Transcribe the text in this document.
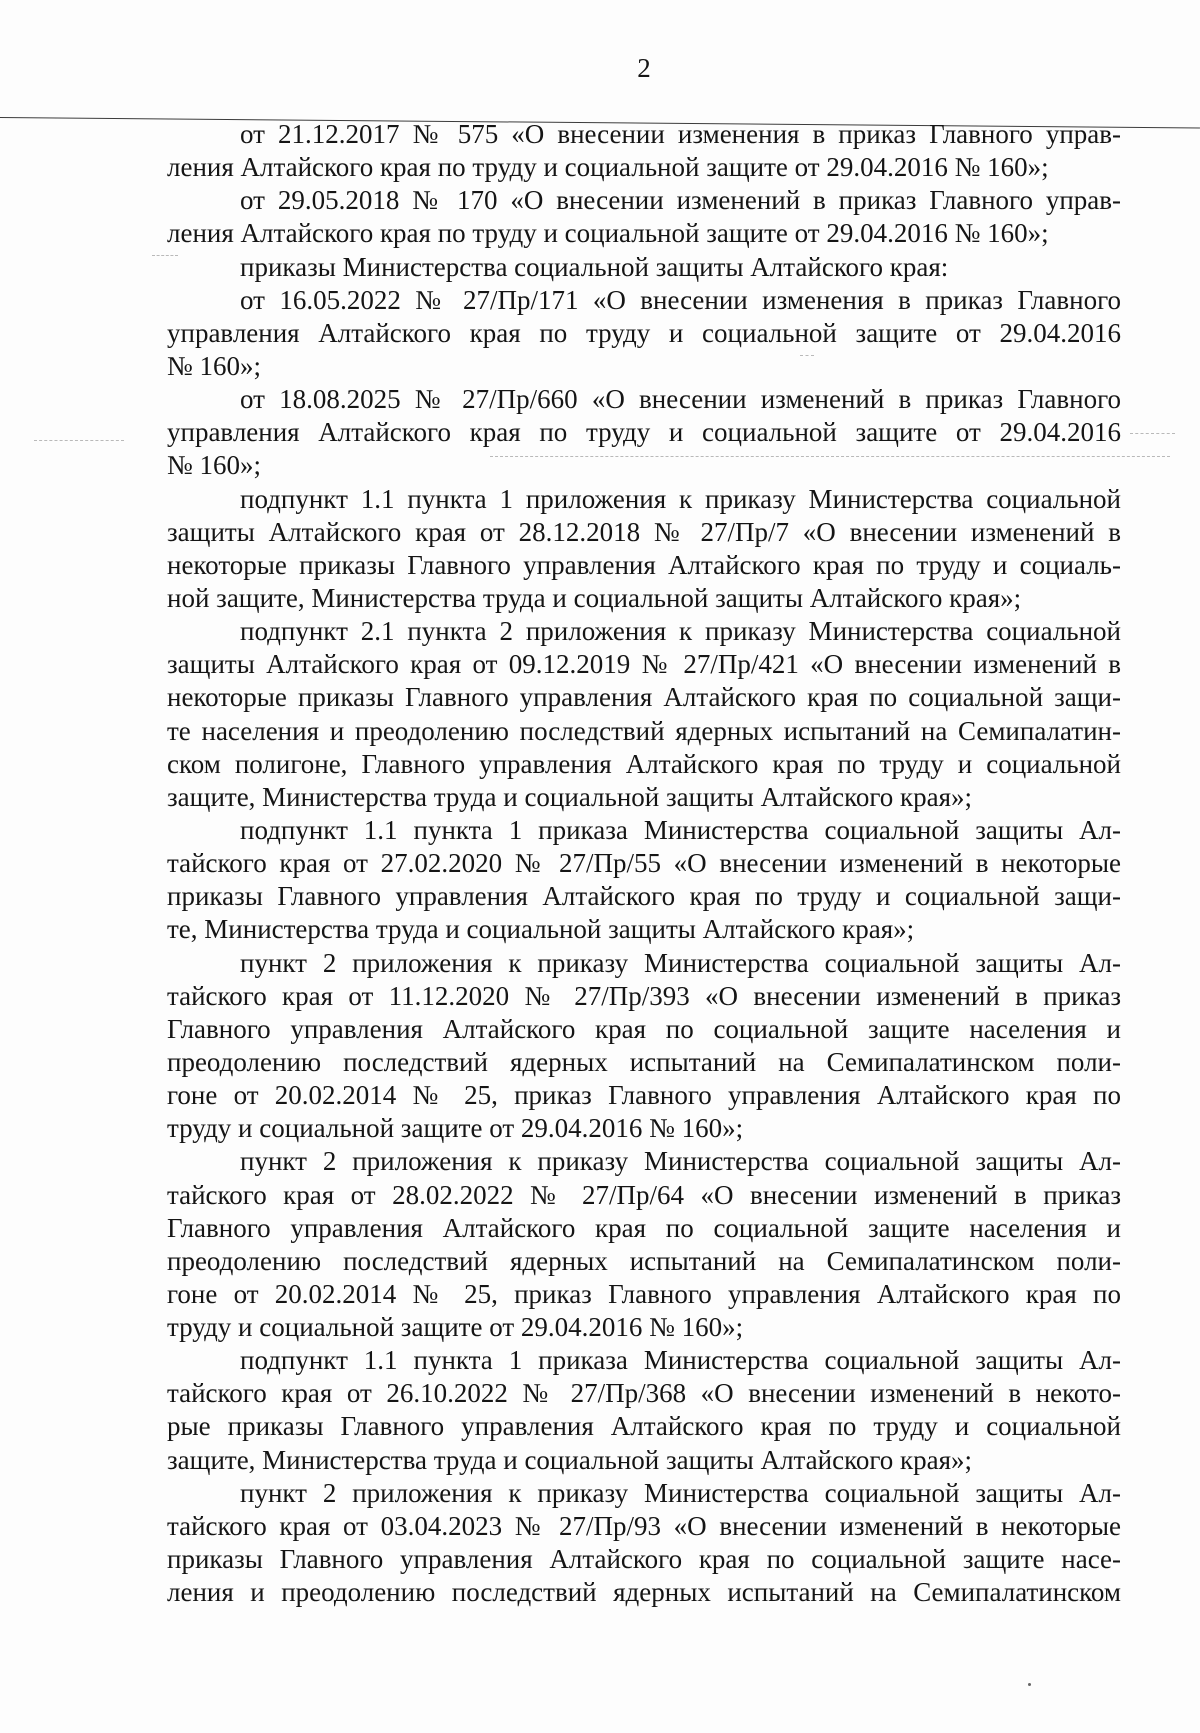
2
от 21.12.2017 № 575 «О внесении изменения в приказ Главного управ-
ления Алтайского края по труду и социальной защите от 29.04.2016 № 160»;
от 29.05.2018 № 170 «О внесении изменений в приказ Главного управ-
ления Алтайского края по труду и социальной защите от 29.04.2016 № 160»;
приказы Министерства социальной защиты Алтайского края:
от 16.05.2022 № 27/Пр/171 «О внесении изменения в приказ Главного
управления Алтайского края по труду и социальной защите от 29.04.2016
№ 160»;
от 18.08.2025 № 27/Пр/660 «О внесении изменений в приказ Главного
управления Алтайского края по труду и социальной защите от 29.04.2016
№ 160»;
подпункт 1.1 пункта 1 приложения к приказу Министерства социальной
защиты Алтайского края от 28.12.2018 № 27/Пр/7 «О внесении изменений в
некоторые приказы Главного управления Алтайского края по труду и социаль-
ной защите, Министерства труда и социальной защиты Алтайского края»;
подпункт 2.1 пункта 2 приложения к приказу Министерства социальной
защиты Алтайского края от 09.12.2019 № 27/Пр/421 «О внесении изменений в
некоторые приказы Главного управления Алтайского края по социальной защи-
те населения и преодолению последствий ядерных испытаний на Семипалатин-
ском полигоне, Главного управления Алтайского края по труду и социальной
защите, Министерства труда и социальной защиты Алтайского края»;
подпункт 1.1 пункта 1 приказа Министерства социальной защиты Ал-
тайского края от 27.02.2020 № 27/Пр/55 «О внесении изменений в некоторые
приказы Главного управления Алтайского края по труду и социальной защи-
те, Министерства труда и социальной защиты Алтайского края»;
пункт 2 приложения к приказу Министерства социальной защиты Ал-
тайского края от 11.12.2020 № 27/Пр/393 «О внесении изменений в приказ
Главного управления Алтайского края по социальной защите населения и
преодолению последствий ядерных испытаний на Семипалатинском поли-
гоне от 20.02.2014 № 25, приказ Главного управления Алтайского края по
труду и социальной защите от 29.04.2016 № 160»;
пункт 2 приложения к приказу Министерства социальной защиты Ал-
тайского края от 28.02.2022 № 27/Пр/64 «О внесении изменений в приказ
Главного управления Алтайского края по социальной защите населения и
преодолению последствий ядерных испытаний на Семипалатинском поли-
гоне от 20.02.2014 № 25, приказ Главного управления Алтайского края по
труду и социальной защите от 29.04.2016 № 160»;
подпункт 1.1 пункта 1 приказа Министерства социальной защиты Ал-
тайского края от 26.10.2022 № 27/Пр/368 «О внесении изменений в некото-
рые приказы Главного управления Алтайского края по труду и социальной
защите, Министерства труда и социальной защиты Алтайского края»;
пункт 2 приложения к приказу Министерства социальной защиты Ал-
тайского края от 03.04.2023 № 27/Пр/93 «О внесении изменений в некоторые
приказы Главного управления Алтайского края по социальной защите насе-
ления и преодолению последствий ядерных испытаний на Семипалатинском
